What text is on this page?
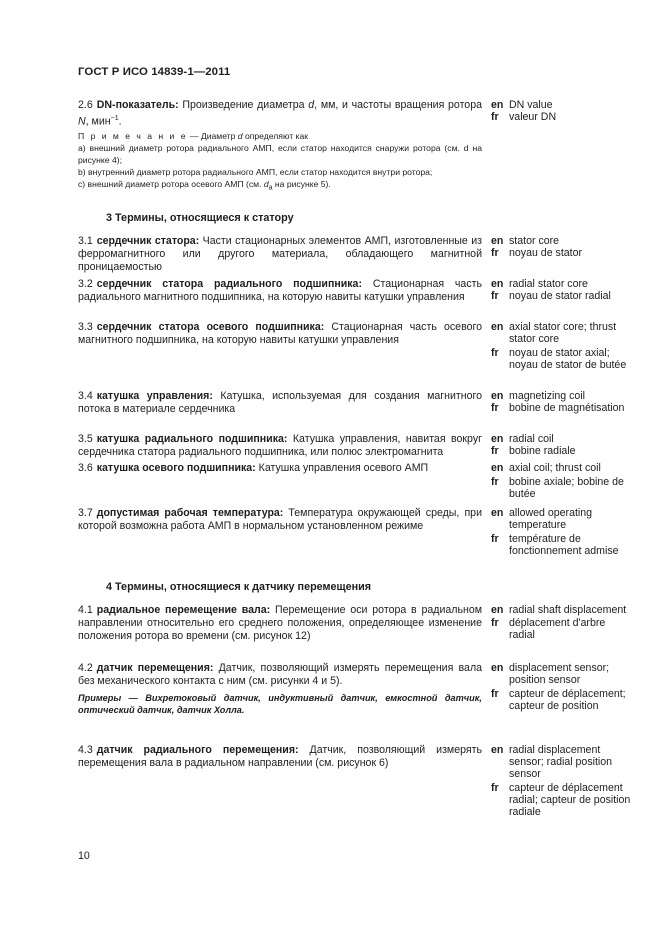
ГОСТ Р ИСО 14839-1—2011
2.6 DN-показатель: Произведение диаметра d, мм, и частоты вращения ротора N, мин$^{-1}$.
en DN value
fr valeur DN
П р и м е ч а н и е — Диаметр d определяют как
a) внешний диаметр ротора радиального АМП, если статор находится снаружи ротора (см. d на рисунке 4);
b) внутренний диаметр ротора радиального АМП, если статор находится внутри ротора;
c) внешний диаметр ротора осевого АМП (см. $d_a$ на рисунке 5).
3 Термины, относящиеся к статору
3.1 сердечник статора: Части стационарных элементов АМП, изготовленные из ферромагнитного или другого материала, обладающего магнитной проницаемостью
en stator core
fr noyau de stator
3.2 сердечник статора радиального подшипника: Стационарная часть радиального магнитного подшипника, на которую навиты катушки управления
en radial stator core
fr noyau de stator radial
3.3 сердечник статора осевого подшипника: Стационарная часть осевого магнитного подшипника, на которую навиты катушки управления
en axial stator core; thrust stator core
fr noyau de stator axial; noyau de stator de butée
3.4 катушка управления: Катушка, используемая для создания магнитного потока в материале сердечника
en magnetizing coil
fr bobine de magnétisation
3.5 катушка радиального подшипника: Катушка управления, навитая вокруг сердечника статора радиального подшипника, или полюс электромагнита
en radial coil
fr bobine radiale
3.6 катушка осевого подшипника: Катушка управления осевого АМП	en axial coil; thrust coil
fr bobine axiale; bobine de butée
3.7 допустимая рабочая температура: Температура окружающей среды, при которой возможна работа АМП в нормальном установленном режиме
en allowed operating temperature
fr température de fonctionnement admise
4 Термины, относящиеся к датчику перемещения
4.1 радиальное перемещение вала: Перемещение оси ротора в радиальном направлении относительно его среднего положения, определяющее изменение положения ротора во времени (см. рисунок 12)
en radial shaft displacement
fr déplacement d'arbre radial
4.2 датчик перемещения: Датчик, позволяющий измерять перемещения вала без механического контакта с ним (см. рисунки 4 и 5).
Примеры — Вихретоковый датчик, индуктивный датчик, емкостной датчик, оптический датчик, датчик Холла.
en displacement sensor; position sensor
fr capteur de déplacement; capteur de position
4.3 датчик радиального перемещения: Датчик, позволяющий измерять перемещения вала в радиальном направлении (см. рисунок 6)
en radial displacement sensor; radial position sensor
fr capteur de déplacement radial; capteur de position radiale
10
